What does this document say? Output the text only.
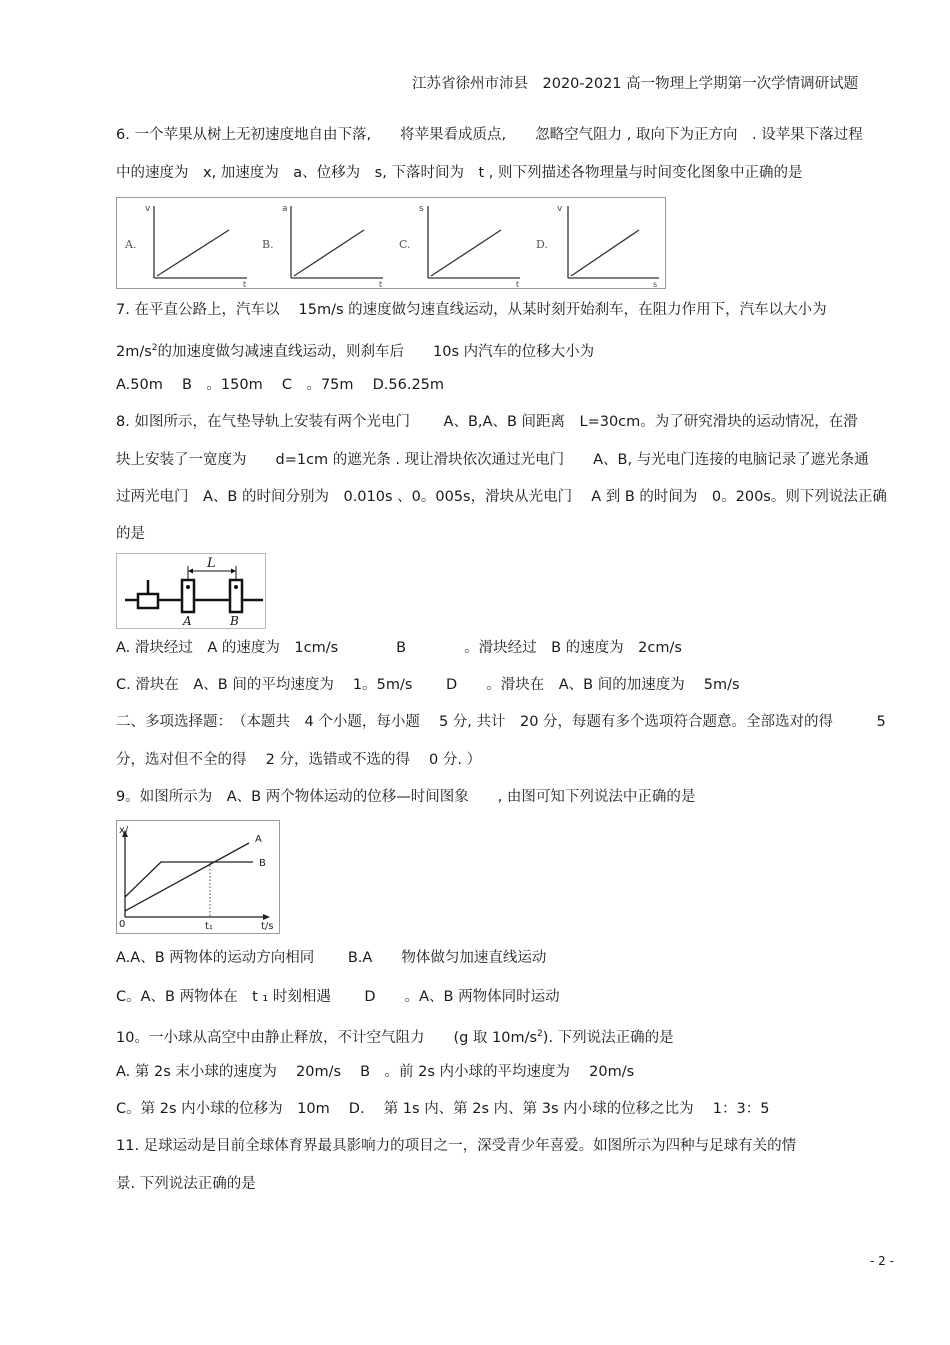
江苏省徐州市沛县　2020-2021 高一物理上学期第一次学情调研试题
6. 一个苹果从树上无初速度地自由下落,　　将苹果看成质点,　　忽略空气阻力 , 取向下为正方向　. 设苹果下落过程
中的速度为　x, 加速度为　a、位移为　s, 下落时间为　t , 则下列描述各物理量与时间变化图象中正确的是
A.
v
t
B.
a
t
C.
s
t
D.
v
s
7. 在平直公路上，汽车以　 15m/s 的速度做匀速直线运动，从某时刻开始刹车，在阻力作用下，汽车以大小为
$2m/s^2$的加速度做匀减速直线运动，则刹车后　　10s 内汽车的位移大小为
A.50m　 B　。150m　 C　。75m　 D.56.25m
8. 如图所示，在气垫导轨上安装有两个光电门　　 A、B,A、B 间距离　L=30cm。为了研究滑块的运动情况，在滑
块上安装了一宽度为　　d=1cm 的遮光条 . 现让滑块依次通过光电门　　A、B, 与光电门连接的电脑记录了遮光条通
过两光电门　A、B 的时间分别为　0.010s 、0。005s，滑块从光电门　 A 到 B 的时间为　0。200s。则下列说法正确
的是
L
A	B
A. 滑块经过　A 的速度为　1cm/s　　　　B　　　　。滑块经过　B 的速度为　2cm/s
C. 滑块在　A、B 间的平均速度为　 1。5m/s　　 D　　。滑块在　A、B 间的加速度为　 5m/s
二、多项选择题：　（本题共　4 个小题，每小题　 5 分, 共计　20 分，每题有多个选项符合题意。全部选对的得　　　5
分，选对但不全的得　 2 分，选错或不选的得　 0 分. ）
9。如图所示为　A、B 两个物体运动的位移—时间图象　　, 由图可知下列说法中正确的是
x/
t/s
0
A
B
t₁
A.A、B 两物体的运动方向相同　　 B.A　　物体做匀加速直线运动
C。A、B 两物体在　t ₁ 时刻相遇　　 D　　。A、B 两物体同时运动
10。一小球从高空中由静止释放，不计空气阻力　　(g 取 $10m/s^2$). 下列说法正确的是
A. 第 2s 末小球的速度为　 20m/s　 B　。前 2s 内小球的平均速度为　 20m/s
C。第 2s 内小球的位移为　10m　 D.　 第 1s 内、第 2s 内、第 3s 内小球的位移之比为　 1：3：5
11. 足球运动是目前全球体育界最具影响力的项目之一，深受青少年喜爱。如图所示为四种与足球有关的情
景. 下列说法正确的是
- 2 -
